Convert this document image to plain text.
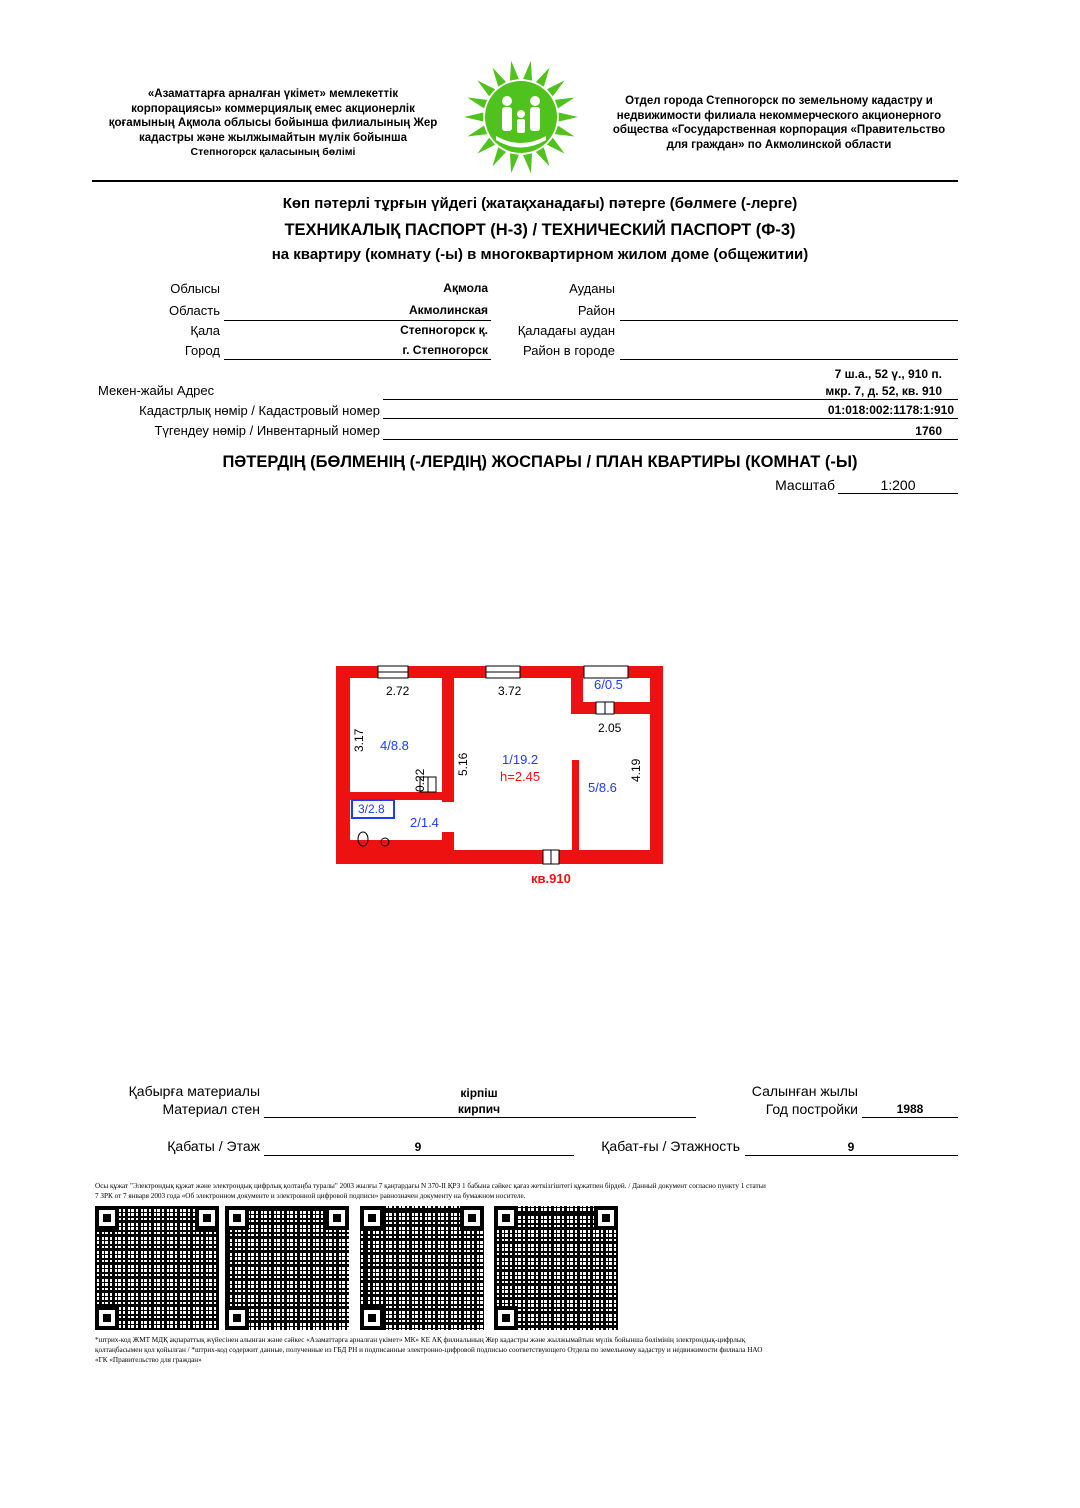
«Азаматтарға арналған үкімет» мемлекеттік
корпорациясы» коммерциялық емес акционерлік
қоғамының Ақмола облысы бойынша филиалының Жер
кадастры және жылжымайтын мүлік бойынша
Степногорск қаласының бөлімі
Отдел города Степногорск по земельному кадастру и
недвижимости филиала некоммерческого акционерного
общества «Государственная корпорация «Правительство
для граждан» по Акмолинской области
Көп пәтерлі тұрғын үйдегі (жатақханадағы) пәтерге (бөлмеге (-лерге)
ТЕХНИКАЛЫҚ ПАСПОРТ (Н-3) / ТЕХНИЧЕСКИЙ ПАСПОРТ (Ф-3)
на квартиру (комнату (-ы) в многоквартирном жилом доме (общежитии)
Облысы	Ақмола
Область	Акмолинская
Ауданы
Район
Қала	Степногорск қ.
Город	г. Степногорск
Қаладағы аудан
Район в городе
7 ш.а., 52 ү., 910 п.
Мекен-жайы Адрес	мкр. 7, д. 52, кв. 910
Кадастрлық нөмір / Кадастровый номер	01:018:002:1178:1:910
Түгендеу нөмір / Инвентарный номер	1760
ПӘТЕРДІҢ (БӨЛМЕНІҢ (-ЛЕРДІҢ) ЖОСПАРЫ / ПЛАН КВАРТИРЫ (КОМНАТ (-Ы)
Масштаб	1:200
2.72	3.72
2.05
3.17
5.16	4.19
0.22
6/0.5
4/8.8
1/19.2
5/8.6
3/2.8
2/1.4
h=2.45
кв.910
Қабырға материалы
Материал стен
кірпіш
кирпич
Салынған жылы
Год постройки	1988
Қабаты / Этаж	9	Қабат-ғы / Этажность	9
Осы құжат "Электрондық құжат және электрондық цифрлық қолтаңба туралы" 2003 жылғы 7 қаңтардағы N 370-II ҚРЗ 1 бабына сәйкес қағаз жеткізгіштегі құжатпен бірдей. / Данный документ согласно пункту 1 статьи
7 ЗРК от 7 января 2003 года «Об электронном документе и электронной цифровой подписи» равнозначен документу на бумажном носителе.
*штрих-код ЖМТ МДҚ ақпараттық жүйесінен алынған және сәйкес «Азаматтарға арналған үкімет» МК» КЕ АҚ филиалының Жер кадастры және жылжымайтын мүлік бойынша бөлімінің электрондық-цифрлық
қолтаңбасымен қол қойылған / *штрих-код содержит данные, полученные из ГБД РН и подписанные электронно-цифровой подписью соответствующего Отдела по земельному кадастру и недвижимости филиала НАО
«ГК «Правительство для граждан»
